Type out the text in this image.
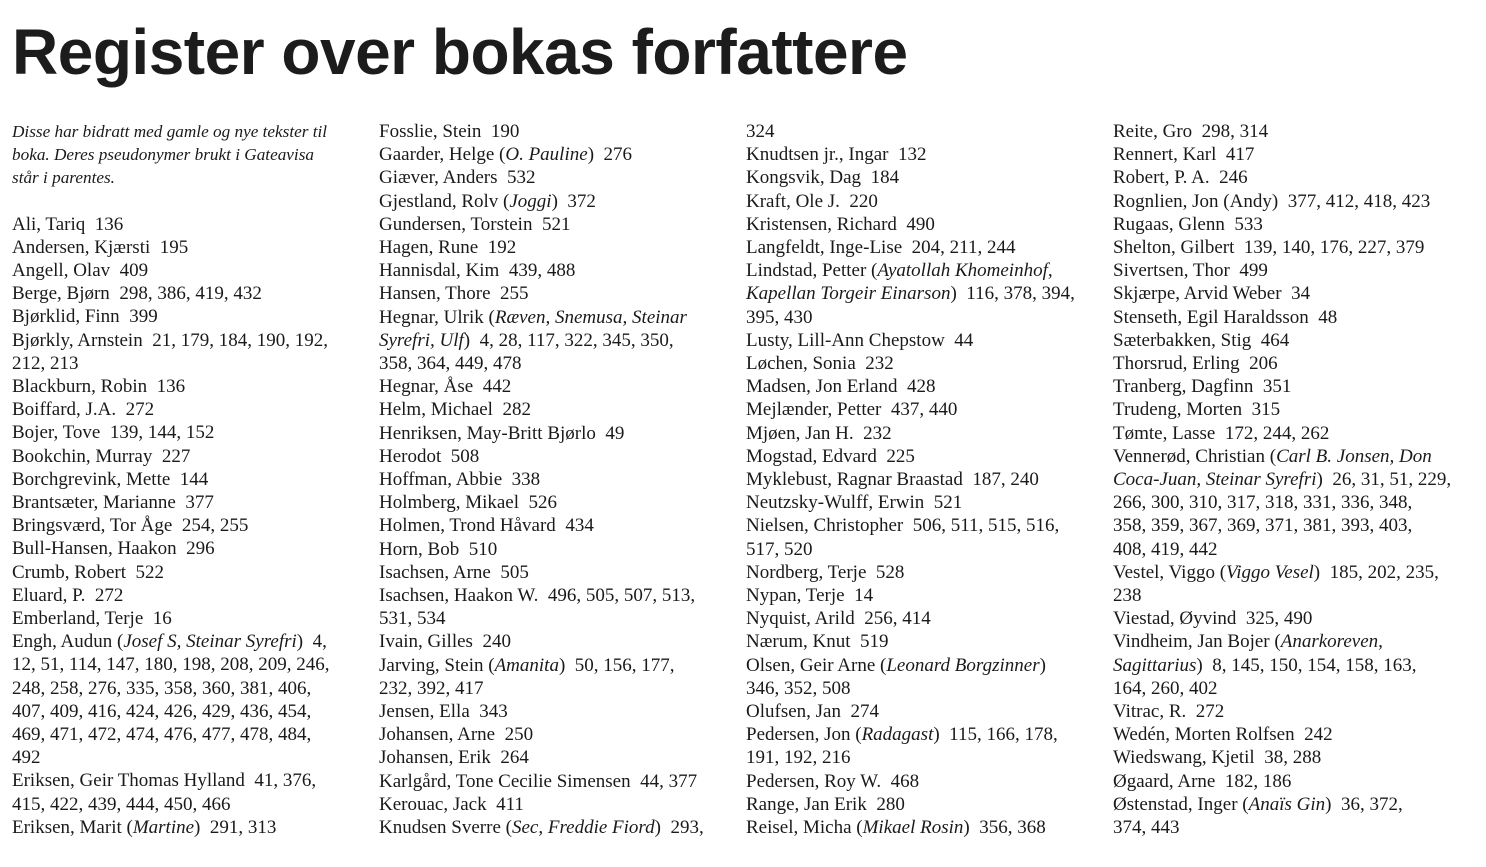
Register over bokas forfattere
Disse har bidratt med gamle og nye tekster til
boka. Deres pseudonymer brukt i Gateavisa
står i parentes.
Ali, Tariq  136
Andersen, Kjærsti  195
Angell, Olav  409
Berge, Bjørn  298, 386, 419, 432
Bjørklid, Finn  399
Bjørkly, Arnstein  21, 179, 184, 190, 192,
212, 213
Blackburn, Robin  136
Boiffard, J.A.  272
Bojer, Tove  139, 144, 152
Bookchin, Murray  227
Borchgrevink, Mette  144
Brantsæter, Marianne  377
Bringsværd, Tor Åge  254, 255
Bull-Hansen, Haakon  296
Crumb, Robert  522
Eluard, P.  272
Emberland, Terje  16
Engh, Audun (Josef S, Steinar Syrefri)  4,
12, 51, 114, 147, 180, 198, 208, 209, 246,
248, 258, 276, 335, 358, 360, 381, 406,
407, 409, 416, 424, 426, 429, 436, 454,
469, 471, 472, 474, 476, 477, 478, 484,
492
Eriksen, Geir Thomas Hylland  41, 376,
415, 422, 439, 444, 450, 466
Eriksen, Marit (Martine)  291, 313
Fosslie, Stein  190
Gaarder, Helge (O. Pauline)  276
Giæver, Anders  532
Gjestland, Rolv (Joggi)  372
Gundersen, Torstein  521
Hagen, Rune  192
Hannisdal, Kim  439, 488
Hansen, Thore  255
Hegnar, Ulrik (Ræven, Snemusa, Steinar
Syrefri, Ulf)  4, 28, 117, 322, 345, 350,
358, 364, 449, 478
Hegnar, Åse  442
Helm, Michael  282
Henriksen, May-Britt Bjørlo  49
Herodot  508
Hoffman, Abbie  338
Holmberg, Mikael  526
Holmen, Trond Håvard  434
Horn, Bob  510
Isachsen, Arne  505
Isachsen, Haakon W.  496, 505, 507, 513,
531, 534
Ivain, Gilles  240
Jarving, Stein (Amanita)  50, 156, 177,
232, 392, 417
Jensen, Ella  343
Johansen, Arne  250
Johansen, Erik  264
Karlgård, Tone Cecilie Simensen  44, 377
Kerouac, Jack  411
Knudsen Sverre (Sec, Freddie Fiord)  293,
324
Knudtsen jr., Ingar  132
Kongsvik, Dag  184
Kraft, Ole J.  220
Kristensen, Richard  490
Langfeldt, Inge-Lise  204, 211, 244
Lindstad, Petter (Ayatollah Khomeinhof,
Kapellan Torgeir Einarson)  116, 378, 394,
395, 430
Lusty, Lill-Ann Chepstow  44
Løchen, Sonia  232
Madsen, Jon Erland  428
Mejlænder, Petter  437, 440
Mjøen, Jan H.  232
Mogstad, Edvard  225
Myklebust, Ragnar Braastad  187, 240
Neutzsky-Wulff, Erwin  521
Nielsen, Christopher  506, 511, 515, 516,
517, 520
Nordberg, Terje  528
Nypan, Terje  14
Nyquist, Arild  256, 414
Nærum, Knut  519
Olsen, Geir Arne (Leonard Borgzinner)
346, 352, 508
Olufsen, Jan  274
Pedersen, Jon (Radagast)  115, 166, 178,
191, 192, 216
Pedersen, Roy W.  468
Range, Jan Erik  280
Reisel, Micha (Mikael Rosin)  356, 368
Reite, Gro  298, 314
Rennert, Karl  417
Robert, P. A.  246
Rognlien, Jon (Andy)  377, 412, 418, 423
Rugaas, Glenn  533
Shelton, Gilbert  139, 140, 176, 227, 379
Sivertsen, Thor  499
Skjærpe, Arvid Weber  34
Stenseth, Egil Haraldsson  48
Sæterbakken, Stig  464
Thorsrud, Erling  206
Tranberg, Dagfinn  351
Trudeng, Morten  315
Tømte, Lasse  172, 244, 262
Vennerød, Christian (Carl B. Jonsen, Don
Coca-Juan, Steinar Syrefri)  26, 31, 51, 229,
266, 300, 310, 317, 318, 331, 336, 348,
358, 359, 367, 369, 371, 381, 393, 403,
408, 419, 442
Vestel, Viggo (Viggo Vesel)  185, 202, 235,
238
Viestad, Øyvind  325, 490
Vindheim, Jan Bojer (Anarkoreven,
Sagittarius)  8, 145, 150, 154, 158, 163,
164, 260, 402
Vitrac, R.  272
Wedén, Morten Rolfsen  242
Wiedswang, Kjetil  38, 288
Øgaard, Arne  182, 186
Østenstad, Inger (Anaïs Gin)  36, 372,
374, 443
